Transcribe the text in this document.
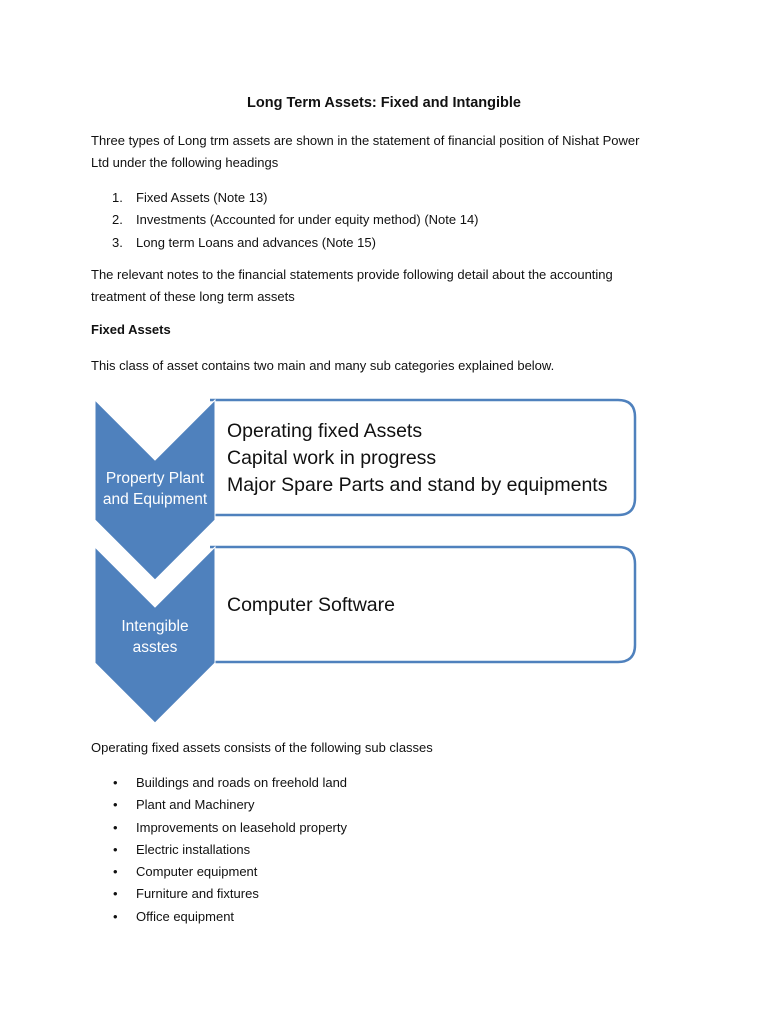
Long Term Assets: Fixed and Intangible
Three types of Long trm assets are shown in the statement of financial position of Nishat Power
Ltd under the following headings
1. Fixed Assets (Note 13)
2. Investments (Accounted for under equity method) (Note 14)
3. Long term Loans and advances (Note 15)
The relevant notes to the financial statements provide following detail about the accounting
treatment of these long term assets
Fixed Assets
This class of asset contains two main and many sub categories explained below.
Property Plant
and Equipment
Operating fixed Assets
Capital work in progress
Major Spare Parts and stand by equipments
Intengible
asstes
Computer Software
Operating fixed assets consists of the following sub classes
• Buildings and roads on freehold land
• Plant and Machinery
• Improvements on leasehold property
• Electric installations
• Computer equipment
• Furniture and fixtures
• Office equipment
